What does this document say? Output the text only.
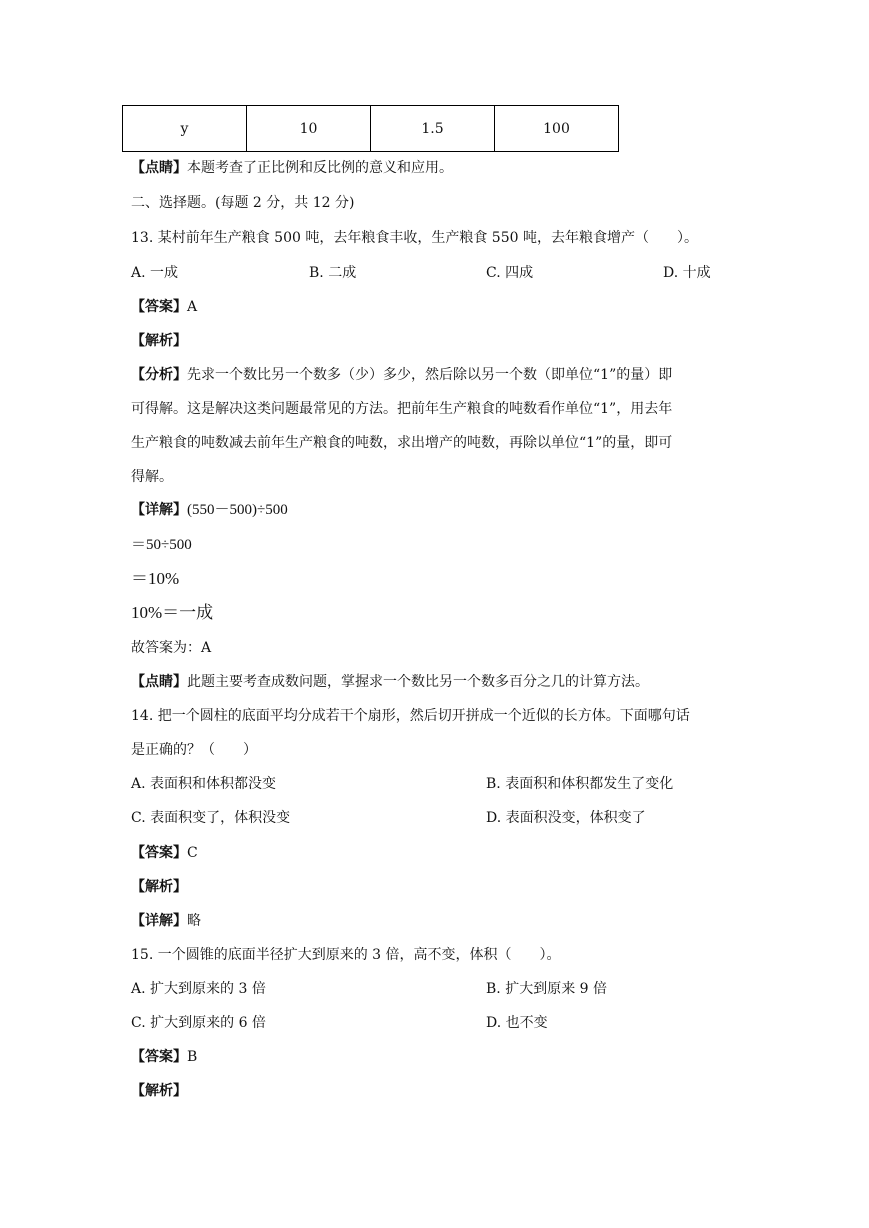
y	10	1.5	100
【点睛】本题考查了正比例和反比例的意义和应用。
二、选择题。(每题 2 分，共 12 分)
13. 某村前年生产粮食 500 吨，去年粮食丰收，生产粮食 550 吨，去年粮食增产（　　）。
A. 一成	B. 二成	C. 四成	D. 十成
【答案】A
【解析】
【分析】先求一个数比另一个数多（少）多少，然后除以另一个数（即单位“1”的量）即
可得解。这是解决这类问题最常见的方法。把前年生产粮食的吨数看作单位“1”，用去年
生产粮食的吨数减去前年生产粮食的吨数，求出增产的吨数，再除以单位“1”的量，即可
得解。
【详解】(550－500)÷500
＝50÷500
＝10%
10%＝一成
故答案为：A
【点睛】此题主要考查成数问题，掌握求一个数比另一个数多百分之几的计算方法。
14. 把一个圆柱的底面平均分成若干个扇形，然后切开拼成一个近似的长方体。下面哪句话
是正确的？（　　）
A. 表面积和体积都没变	B. 表面积和体积都发生了变化
C. 表面积变了，体积没变	D. 表面积没变，体积变了
【答案】C
【解析】
【详解】略
15. 一个圆锥的底面半径扩大到原来的 3 倍，高不变，体积（　　）。
A. 扩大到原来的 3 倍	B. 扩大到原来 9 倍
C. 扩大到原来的 6 倍	D. 也不变
【答案】B
【解析】
